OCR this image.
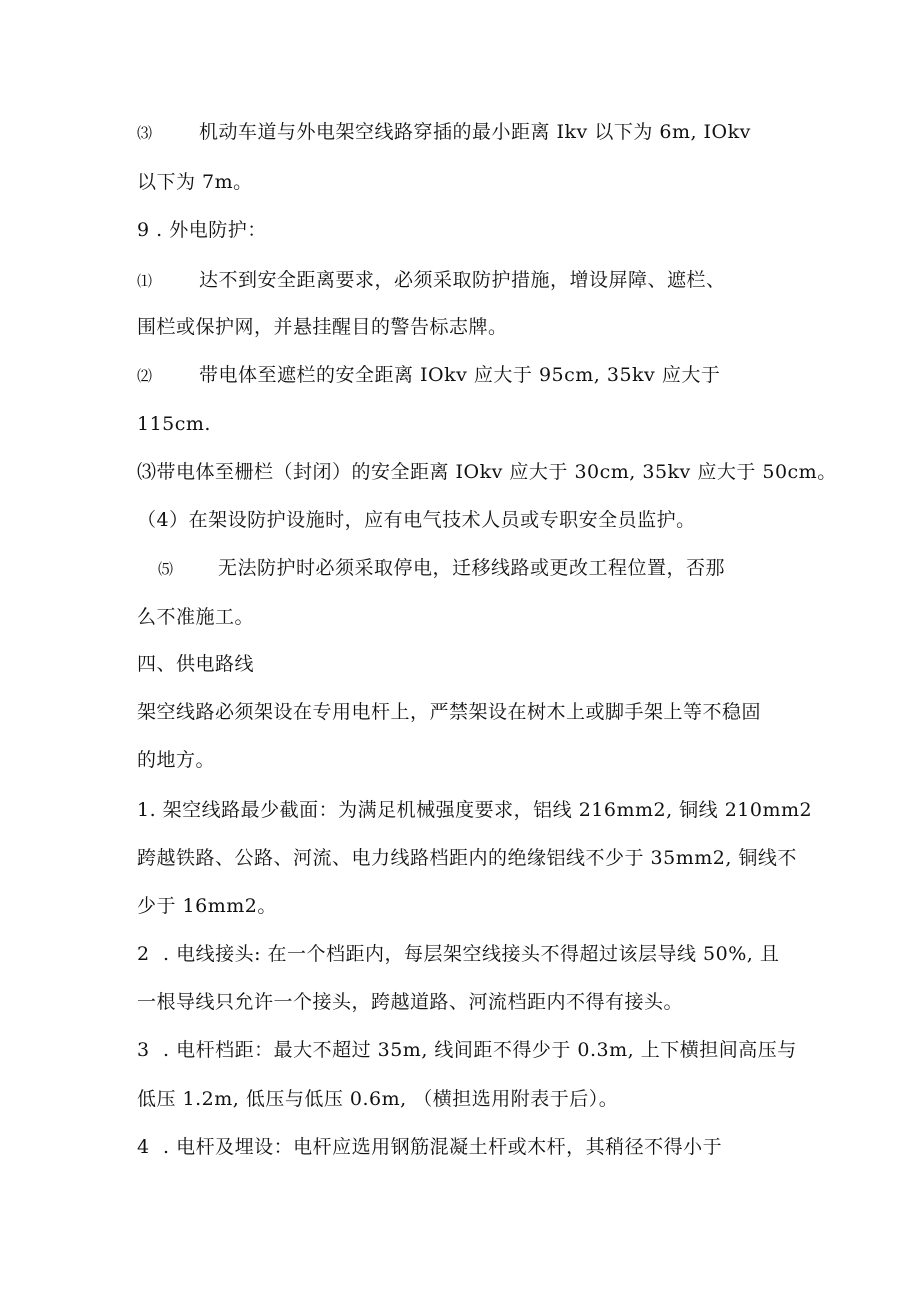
⑶ 机动车道与外电架空线路穿插的最小距离 Ikv 以下为 6m, IOkv
以下为 7m。
9 . 外电防护：
⑴ 达不到安全距离要求，必须采取防护措施，增设屏障、遮栏、
围栏或保护网，并悬挂醒目的警告标志牌。
⑵ 带电体至遮栏的安全距离 IOkv 应大于 95cm, 35kv 应大于
115cm.
⑶带电体至栅栏（封闭）的安全距离 IOkv 应大于 30cm, 35kv 应大于 50cm。
（4）在架设防护设施时，应有电气技术人员或专职安全员监护。
⑸ 无法防护时必须采取停电，迁移线路或更改工程位置，否那
么不准施工。
四、供电路线
架空线路必须架设在专用电杆上，严禁架设在树木上或脚手架上等不稳固
的地方。
1. 架空线路最少截面：为满足机械强度要求，铝线 216mm2, 铜线 210mm2
跨越铁路、公路、河流、电力线路档距内的绝缘铝线不少于 35mm2, 铜线不
少于 16mm2。
2 . 电线接头: 在一个档距内，每层架空线接头不得超过该层导线 50%, 且
一根导线只允许一个接头，跨越道路、河流档距内不得有接头。
3 . 电杆档距：最大不超过 35m, 线间距不得少于 0.3m, 上下横担间高压与
低压 1.2m, 低压与低压 0.6m, （横担选用附表于后）。
4 . 电杆及埋设：电杆应选用钢筋混凝土杆或木杆，其稍径不得小于
